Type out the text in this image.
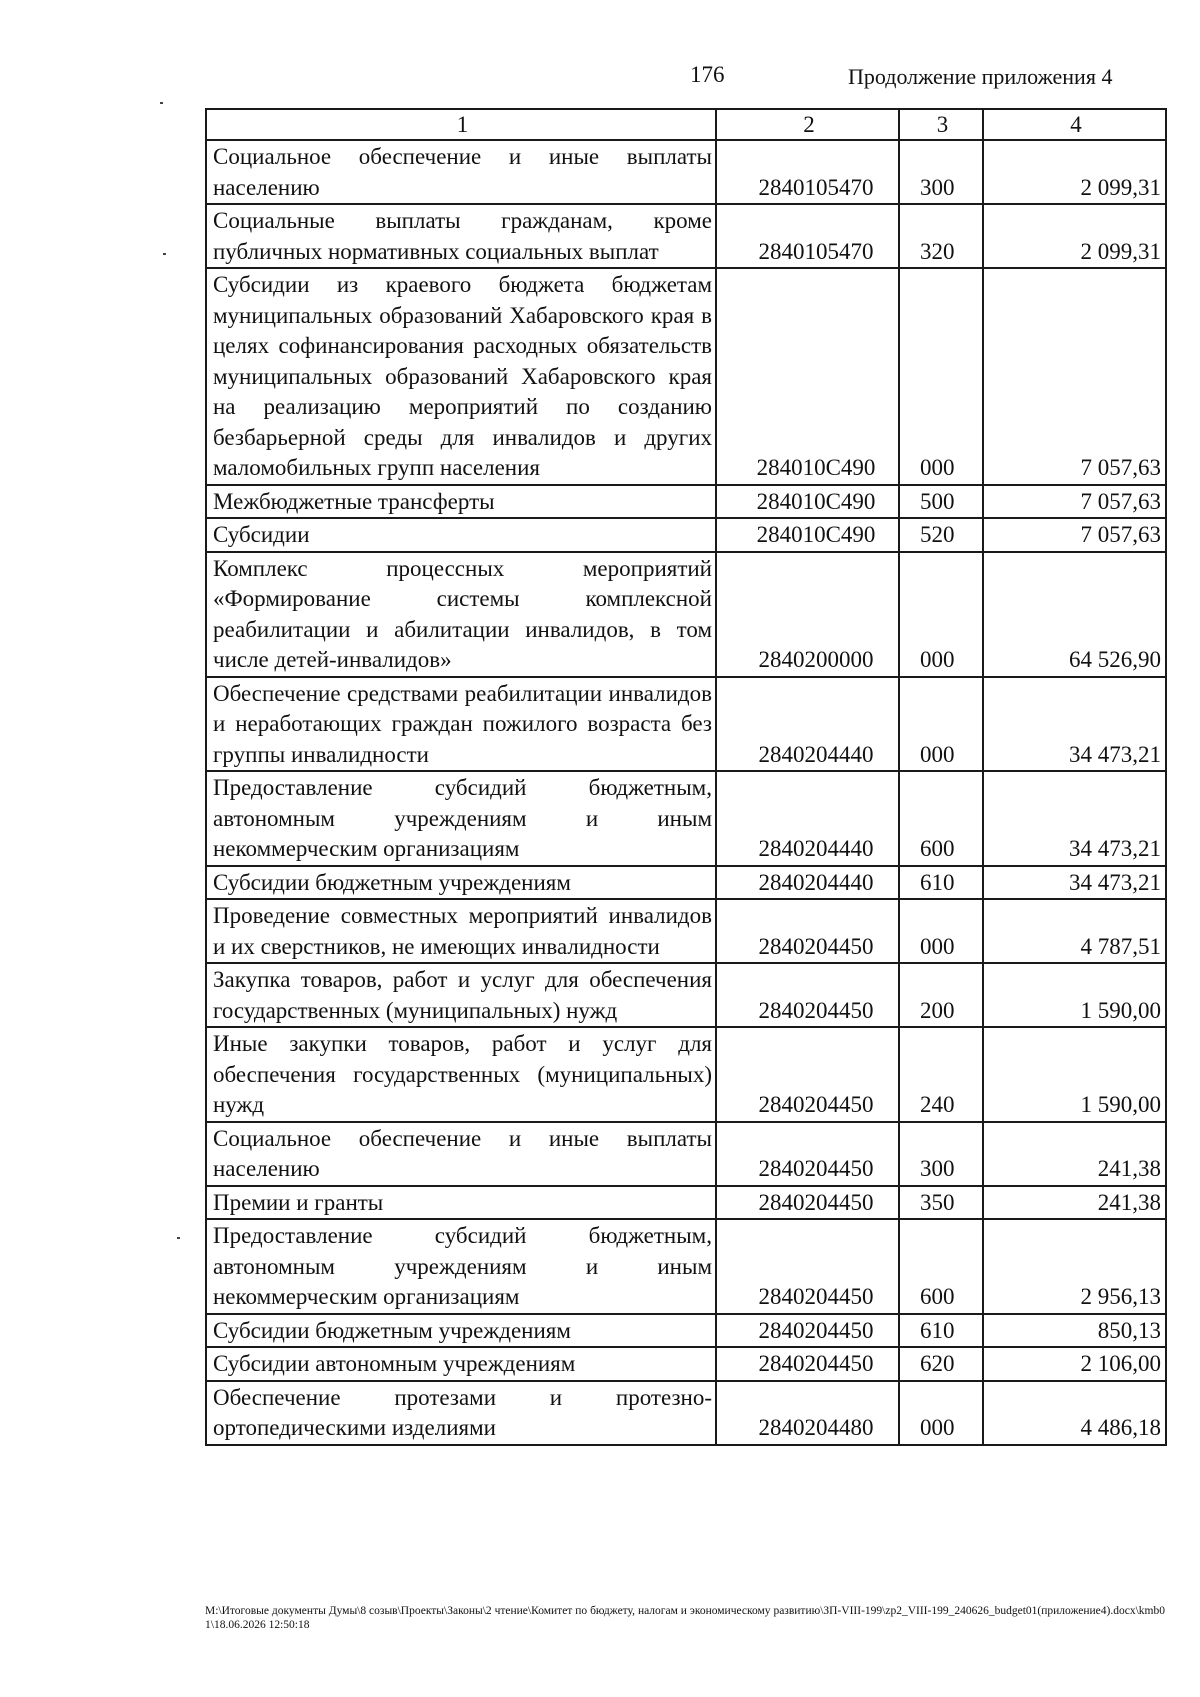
176	Продолжение приложения 4
1	2	3	4
Социальное обеспечение и иные выплаты населению	2840105470	300	2 099,31
Социальные выплаты гражданам, кроме публичных нормативных социальных выплат	2840105470	320	2 099,31
Субсидии из краевого бюджета бюджетам муниципальных образований Хабаровского края в целях софинансирования расходных обязательств муниципальных образований Хабаровского края на реализацию мероприятий по созданию безбарьерной среды для инвалидов и других маломобильных групп населения	284010С490	000	7 057,63
Межбюджетные трансферты	284010С490	500	7 057,63
Субсидии	284010С490	520	7 057,63
Комплекс процессных мероприятий «Формирование системы комплексной реабилитации и абилитации инвалидов, в том числе детей-инвалидов»	2840200000	000	64 526,90
Обеспечение средствами реабилитации инвалидов и неработающих граждан пожилого возраста без группы инвалидности	2840204440	000	34 473,21
Предоставление субсидий бюджетным, автономным учреждениям и иным некоммерческим организациям	2840204440	600	34 473,21
Субсидии бюджетным учреждениям	2840204440	610	34 473,21
Проведение совместных мероприятий инвалидов и их сверстников, не имеющих инвалидности	2840204450	000	4 787,51
Закупка товаров, работ и услуг для обеспечения государственных (муниципальных) нужд	2840204450	200	1 590,00
Иные закупки товаров, работ и услуг для обеспечения государственных (муниципальных) нужд	2840204450	240	1 590,00
Социальное обеспечение и иные выплаты населению	2840204450	300	241,38
Премии и гранты	2840204450	350	241,38
Предоставление субсидий бюджетным, автономным учреждениям и иным некоммерческим организациям	2840204450	600	2 956,13
Субсидии бюджетным учреждениям	2840204450	610	850,13
Субсидии автономным учреждениям	2840204450	620	2 106,00
Обеспечение протезами и протезно-ортопедическими изделиями	2840204480	000	4 486,18
М:\Итоговые документы Думы\8 созыв\Проекты\Законы\2 чтение\Комитет по бюджету, налогам и экономическому развитию\ЗП-VIII-199\zp2_VIII-199_240626_budget01(приложение4).docx\kmb01\18.06.2026 12:50:18
